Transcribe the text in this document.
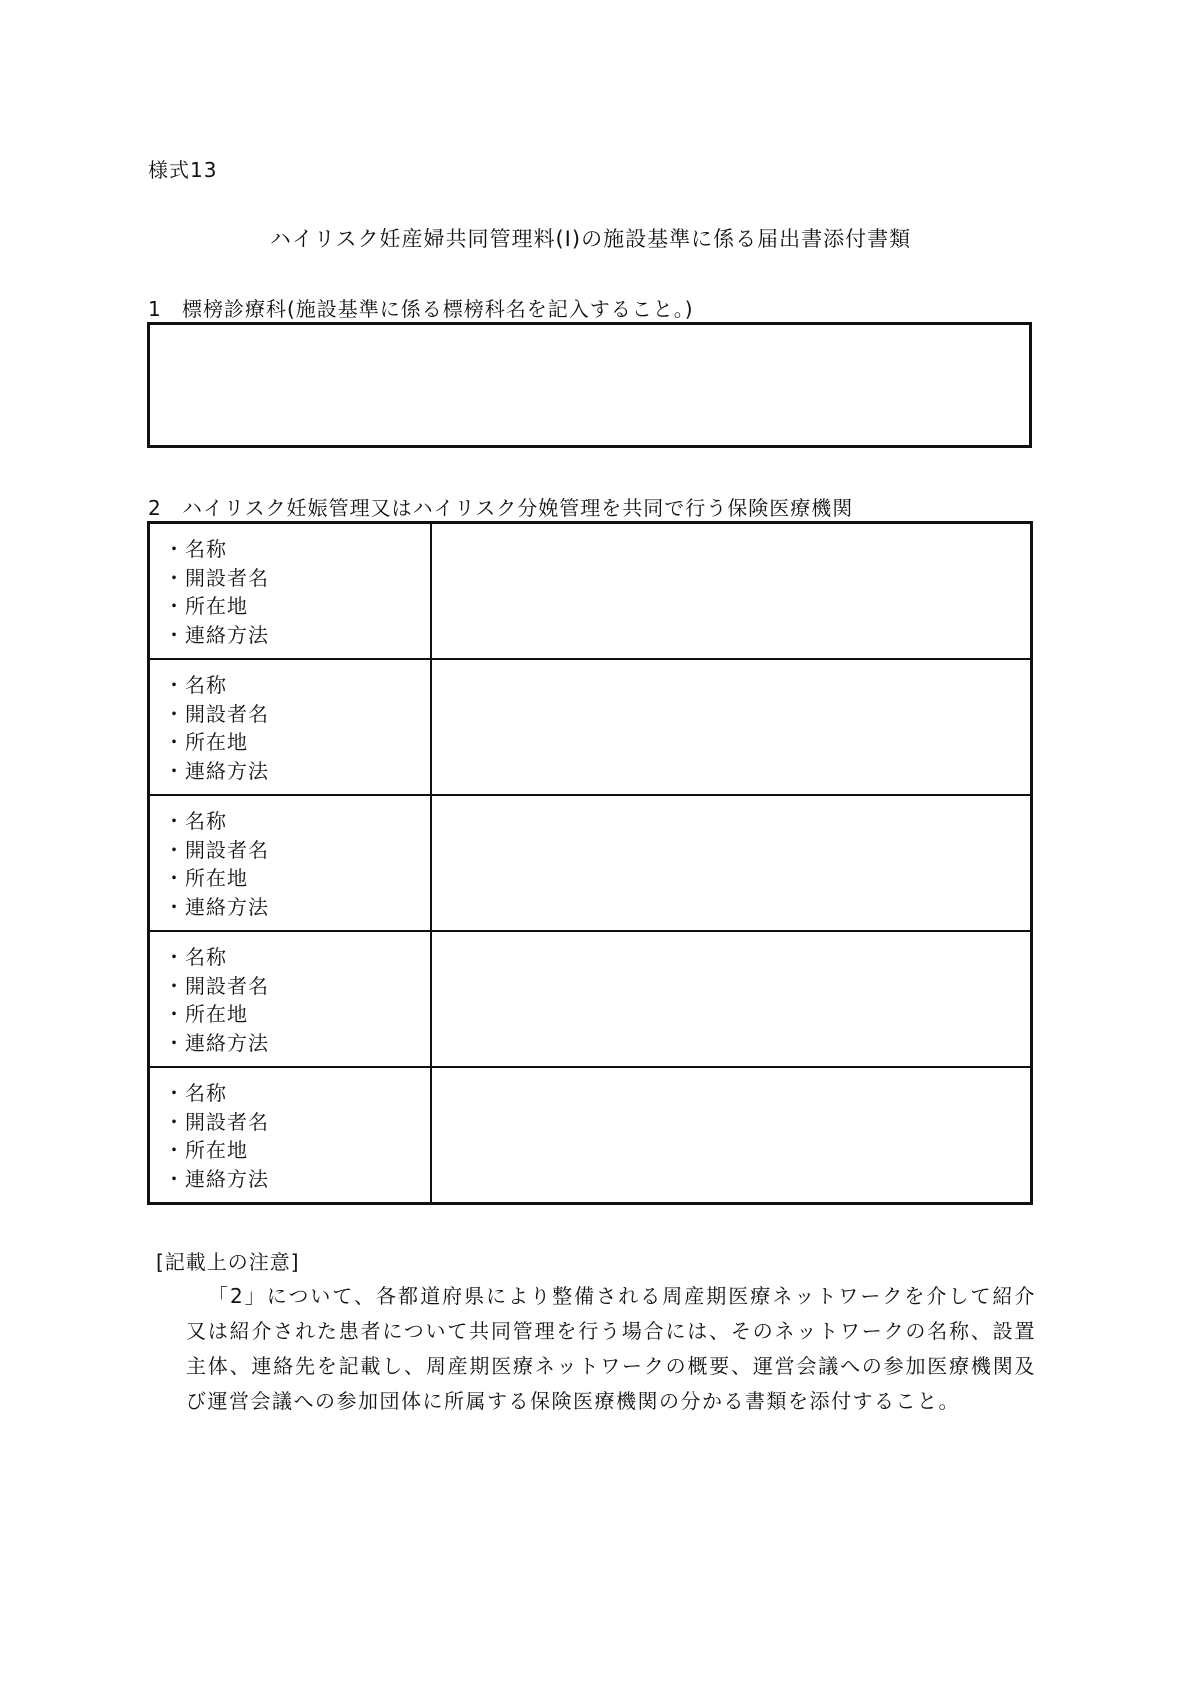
様式13
ハイリスク妊産婦共同管理料(Ⅰ)の施設基準に係る届出書添付書類
1 標榜診療科(施設基準に係る標榜科名を記入すること。)
2 ハイリスク妊娠管理又はハイリスク分娩管理を共同で行う保険医療機関
・名称
・開設者名
・所在地
・連絡方法
・名称
・開設者名
・所在地
・連絡方法
・名称
・開設者名
・所在地
・連絡方法
・名称
・開設者名
・所在地
・連絡方法
・名称
・開設者名
・所在地
・連絡方法
[記載上の注意]
「2」について、各都道府県により整備される周産期医療ネットワークを介して紹介又は紹介された患者について共同管理を行う場合には、そのネットワークの名称、設置主体、連絡先を記載し、周産期医療ネットワークの概要、運営会議への参加医療機関及び運営会議への参加団体に所属する保険医療機関の分かる書類を添付すること。
